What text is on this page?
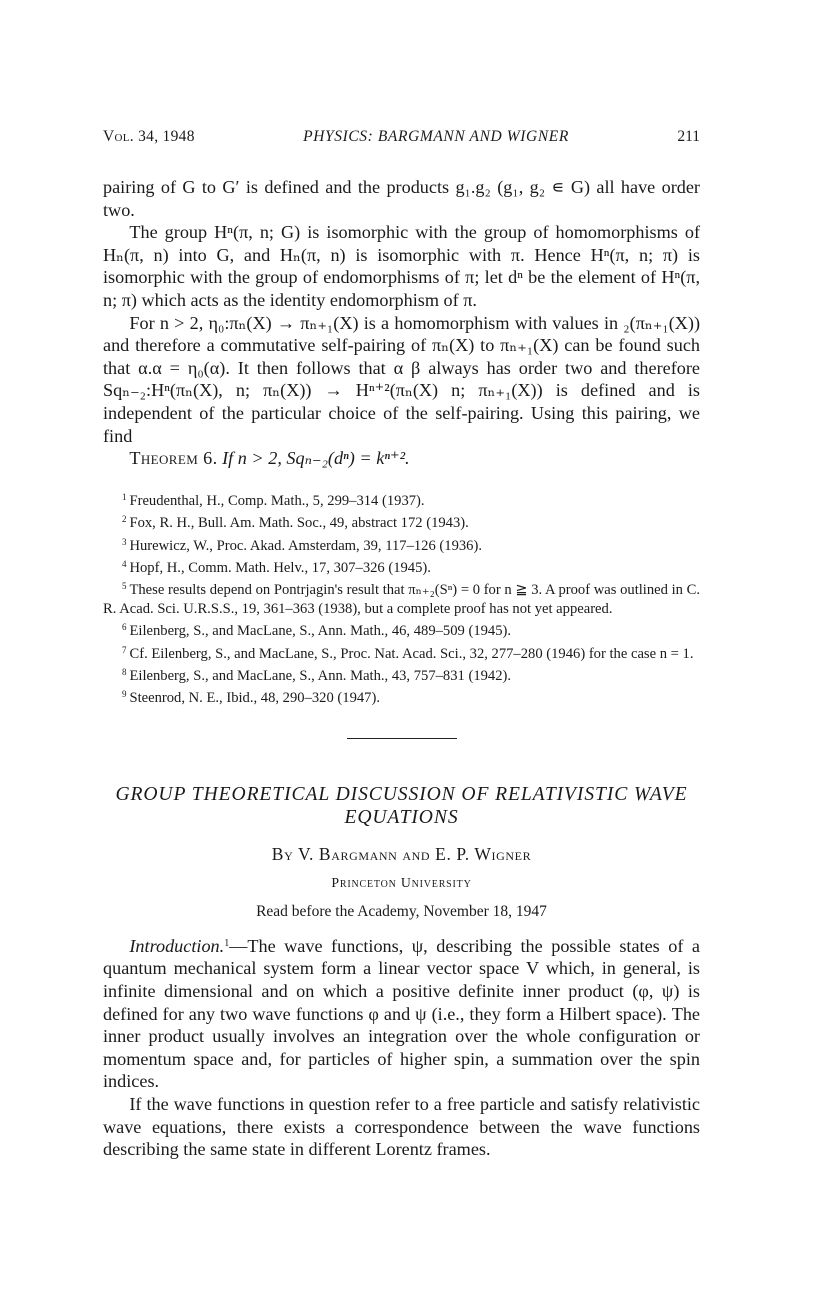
Vol. 34, 1948	PHYSICS: BARGMANN AND WIGNER	211

pairing of G to G′ is defined and the products g₁.g₂ (g₁, g₂ ∊ G) all have order two.

The group Hⁿ(π, n; G) is isomorphic with the group of homomorphisms of Hₙ(π, n) into G, and Hₙ(π, n) is isomorphic with π. Hence Hⁿ(π, n; π) is isomorphic with the group of endomorphisms of π; let dⁿ be the element of Hⁿ(π, n; π) which acts as the identity endomorphism of π.

For n > 2, η₀:πₙ(X) → πₙ₊₁(X) is a homomorphism with values in ₂(πₙ₊₁(X)) and therefore a commutative self-pairing of πₙ(X) to πₙ₊₁(X) can be found such that α.α = η₀(α). It then follows that α β always has order two and therefore Sqₙ₋₂:Hⁿ(πₙ(X), n; πₙ(X)) → Hⁿ⁺²(πₙ(X) n; πₙ₊₁(X)) is defined and is independent of the particular choice of the self-pairing. Using this pairing, we find

Theorem 6. If n > 2, Sqₙ₋₂(dⁿ) = kⁿ⁺².

$^1$ Freudenthal, H., Comp. Math., 5, 299–314 (1937).

$^2$ Fox, R. H., Bull. Am. Math. Soc., 49, abstract 172 (1943).

$^3$ Hurewicz, W., Proc. Akad. Amsterdam, 39, 117–126 (1936).

$^4$ Hopf, H., Comm. Math. Helv., 17, 307–326 (1945).

$^5$ These results depend on Pontrjagin's result that πₙ₊₂(Sⁿ) = 0 for n ≧ 3. A proof was outlined in C. R. Acad. Sci. U.R.S.S., 19, 361–363 (1938), but a complete proof has not yet appeared.

$^6$ Eilenberg, S., and MacLane, S., Ann. Math., 46, 489–509 (1945).

$^7$ Cf. Eilenberg, S., and MacLane, S., Proc. Nat. Acad. Sci., 32, 277–280 (1946) for the case n = 1.

$^8$ Eilenberg, S., and MacLane, S., Ann. Math., 43, 757–831 (1942).

$^9$ Steenrod, N. E., Ibid., 48, 290–320 (1947).

GROUP THEORETICAL DISCUSSION OF RELATIVISTIC WAVE
EQUATIONS
By V. Bargmann and E. P. Wigner
Princeton University
Read before the Academy, November 18, 1947

Introduction.$^1$—The wave functions, ψ, describing the possible states of a quantum mechanical system form a linear vector space V which, in general, is infinite dimensional and on which a positive definite inner product (φ, ψ) is defined for any two wave functions φ and ψ (i.e., they form a Hilbert space). The inner product usually involves an integration over the whole configuration or momentum space and, for particles of higher spin, a summation over the spin indices.

If the wave functions in question refer to a free particle and satisfy relativistic wave equations, there exists a correspondence between the wave functions describing the same state in different Lorentz frames.
